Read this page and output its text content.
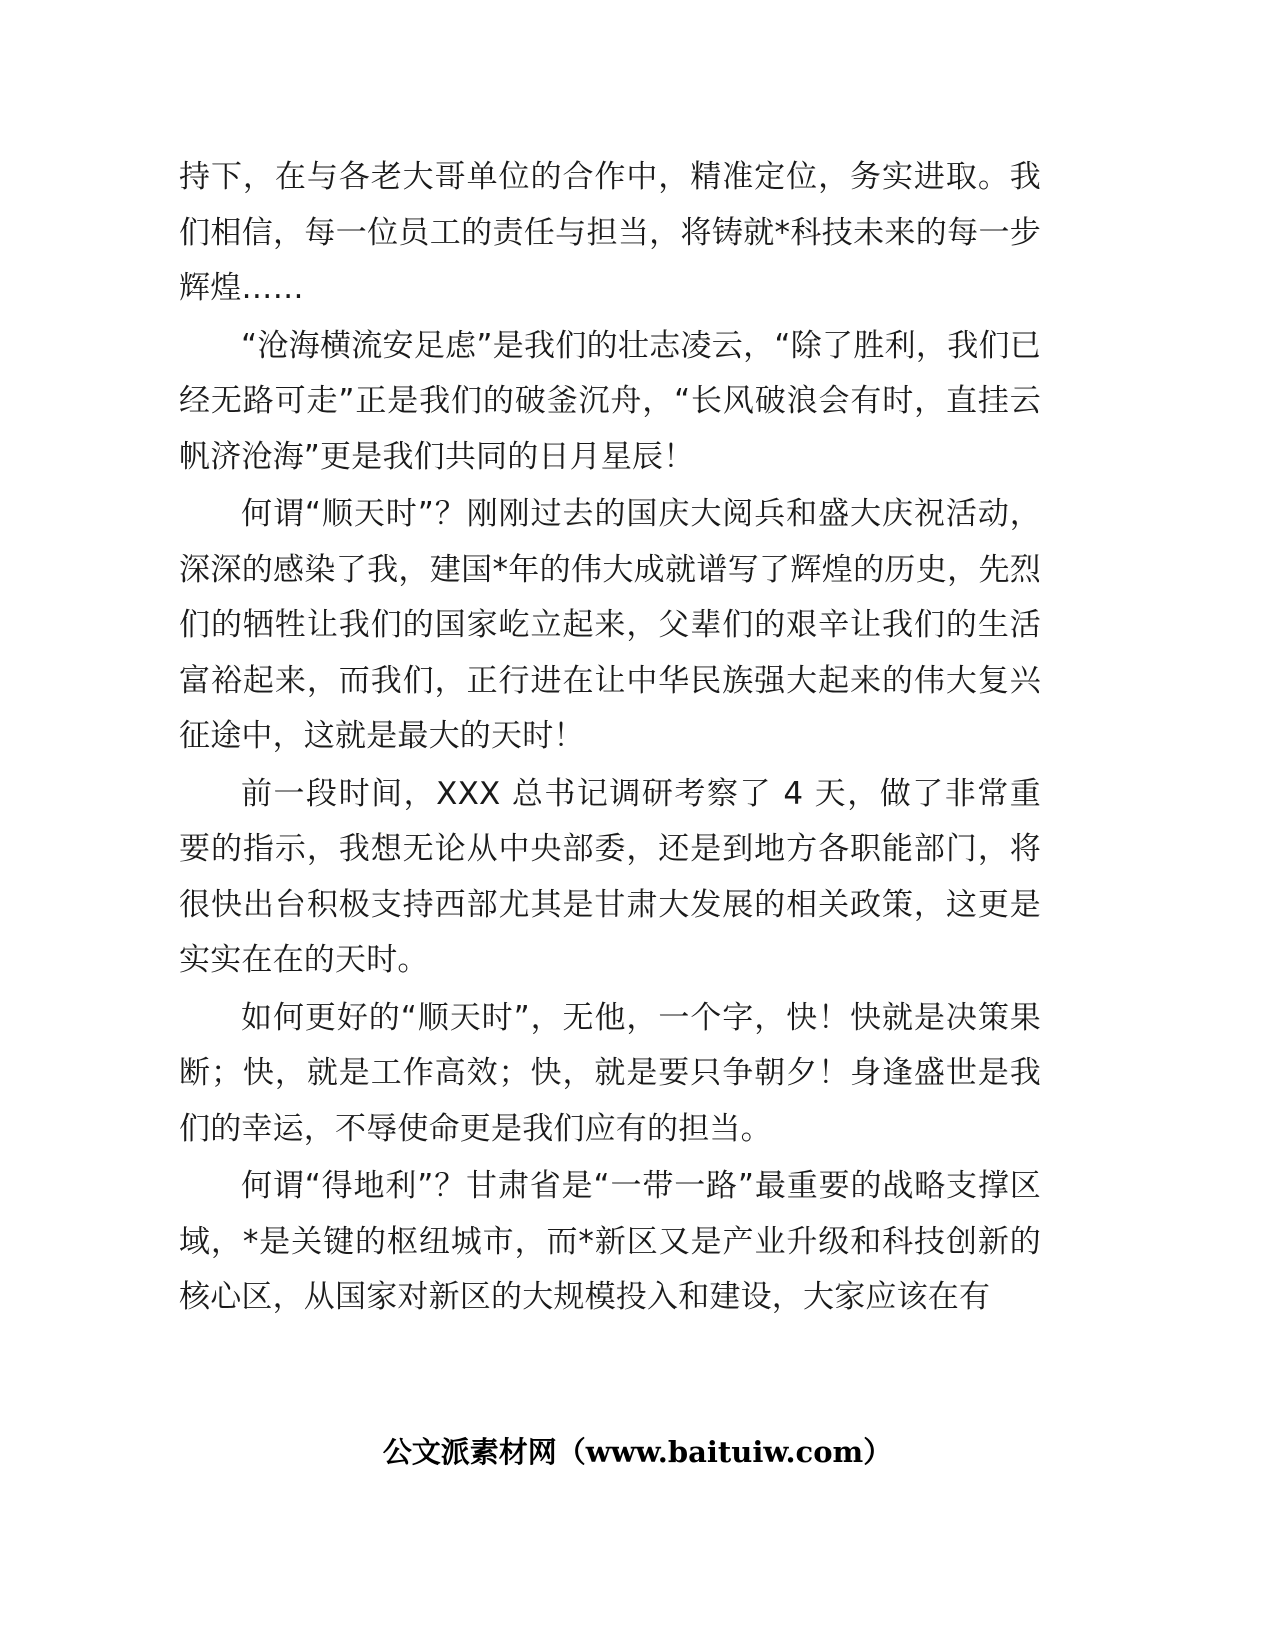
持下，在与各老大哥单位的合作中，精准定位，务实进取。我们相信，每一位员工的责任与担当，将铸就*科技未来的每一步辉煌……

“沧海横流安足虑”是我们的壮志凌云，“除了胜利，我们已经无路可走”正是我们的破釜沉舟，“长风破浪会有时，直挂云帆济沧海”更是我们共同的日月星辰！

何谓“顺天时”？刚刚过去的国庆大阅兵和盛大庆祝活动，深深的感染了我，建国*年的伟大成就谱写了辉煌的历史，先烈们的牺牲让我们的国家屹立起来，父辈们的艰辛让我们的生活富裕起来，而我们，正行进在让中华民族强大起来的伟大复兴征途中，这就是最大的天时！

前一段时间，XXX 总书记调研考察了 4 天，做了非常重要的指示，我想无论从中央部委，还是到地方各职能部门，将很快出台积极支持西部尤其是甘肃大发展的相关政策，这更是实实在在的天时。

如何更好的“顺天时”，无他，一个字，快！快就是决策果断；快，就是工作高效；快，就是要只争朝夕！身逢盛世是我们的幸运，不辱使命更是我们应有的担当。

何谓“得地利”？甘肃省是“一带一路”最重要的战略支撑区域，*是关键的枢纽城市，而*新区又是产业升级和科技创新的核心区，从国家对新区的大规模投入和建设，大家应该在有

公文派素材网（www.baituiw.com）
